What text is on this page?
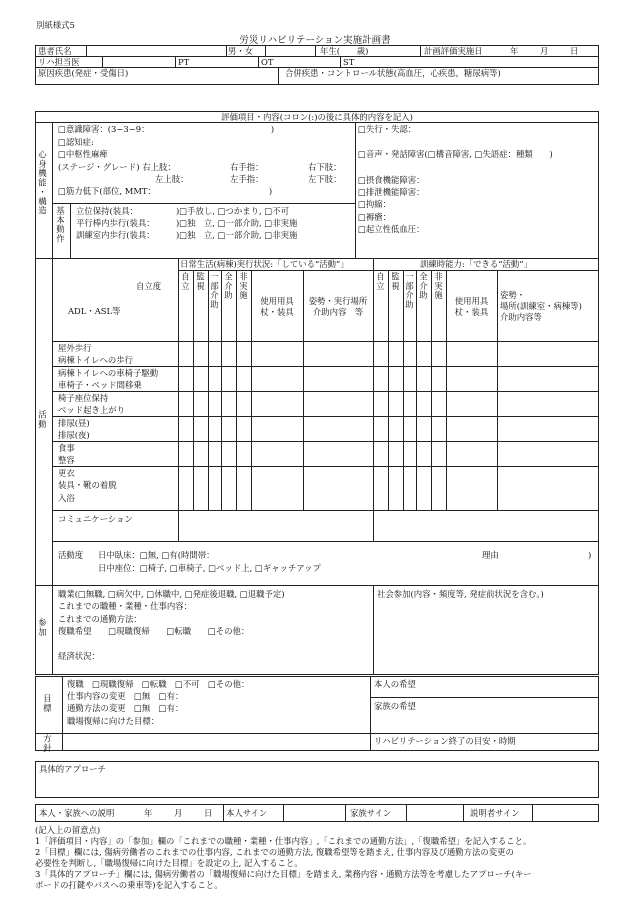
別紙様式5
労災リハビリテーション実施計画書
患者氏名	男・女	年生(　　歳)	計画評価実施日	年	月	日
リハ担当医	PT	OT	ST
原因疾患(発症・受傷日)	合併疾患・コントロール状態(高血圧，心疾患，糖尿病等)
評価項目・内容(コロン(:)の後に具体的内容を記入)
心身機能・構造
□意識障害：(3−3−9：　　　　　　　　　　　　　　　)
□認知症:
□中枢性麻痺
(ステージ・グレード) 右上肢：	右手指：	右下肢：
左上肢：	左手指：	左下肢：
□筋力低下(部位, MMT：　　　　　　　　　　　　　　)
□失行・失認：
□音声・発話障害(□構音障害, □失語症：種類　　)
□摂食機能障害：
□排泄機能障害：
□拘縮：
□褥瘡：
□起立性低血圧：
基本動作 立位保持(装具：	)□手放し, □つかまり, □不可
平行棒内歩行(装具：	)□独　立, □一部介助, □非実施
訓練室内歩行(装具：	)□独　立, □一部介助, □非実施
活動
日常生活(病棟)実行状況:「している“活動”」	訓練時能力:「できる“活動”」
自立度
ADL・ASL等
自立 監視 一部介助 全介助 非実施
使用用具
杖・装具
姿勢・実行場所
介助内容　等
自立 監視 一部介助 全介助 非実施
使用用具
杖・装具
姿勢・
場所(訓練室・病棟等)
介助内容等
屋外歩行
病棟トイレへの歩行
病棟トイレへの車椅子駆動
車椅子・ベッド間移乗
椅子座位保持
ベッド起き上がり
排尿(昼)
排尿(夜)
食事
整容
更衣
装具・靴の着脱
入浴
コミュニケーション
活動度 日中臥床：□無, □有(時間帯：	理由	)
日中座位：□椅子, □車椅子, □ベッド上, □ギャッチアップ
参加
職業(□無職, □病欠中, □休職中, □発症後退職, □退職予定)
これまでの職種・業種・仕事内容：
これまでの通勤方法：
復職希望　　□現職復帰　　□転職　　□その他：
経済状況：
社会参加(内容・頻度等, 発症前状況を含む。)
目標
復職　□現職復帰　□転職　□不可　□その他：
仕事内容の変更　□無　□有：
通勤方法の変更　□無　□有：
職場復帰に向けた目標：
本人の希望
家族の希望
方針	リハビリテーション終了の目安・時期
具体的アプローチ
本人・家族への説明	年	月	日 本人サイン	家族サイン	説明者サイン
(記入上の留意点)
1「評価項目・内容」の「参加」欄の「これまでの職種・業種・仕事内容」,「これまでの通勤方法」,「復職希望」を記入すること。
2「目標」欄には, 傷病労働者のこれまでの仕事内容, これまでの通勤方法, 復職希望等を踏まえ, 仕事内容及び通勤方法の変更の
必要性を判断し,「職場復帰に向けた目標」を設定の上, 記入すること。
3「具体的アプローチ」欄には, 傷病労働者の「職場復帰に向けた目標」を踏まえ, 業務内容・通勤方法等を考慮したアプローチ(キー
ボードの打鍵やバスへの乗車等)を記入すること。
